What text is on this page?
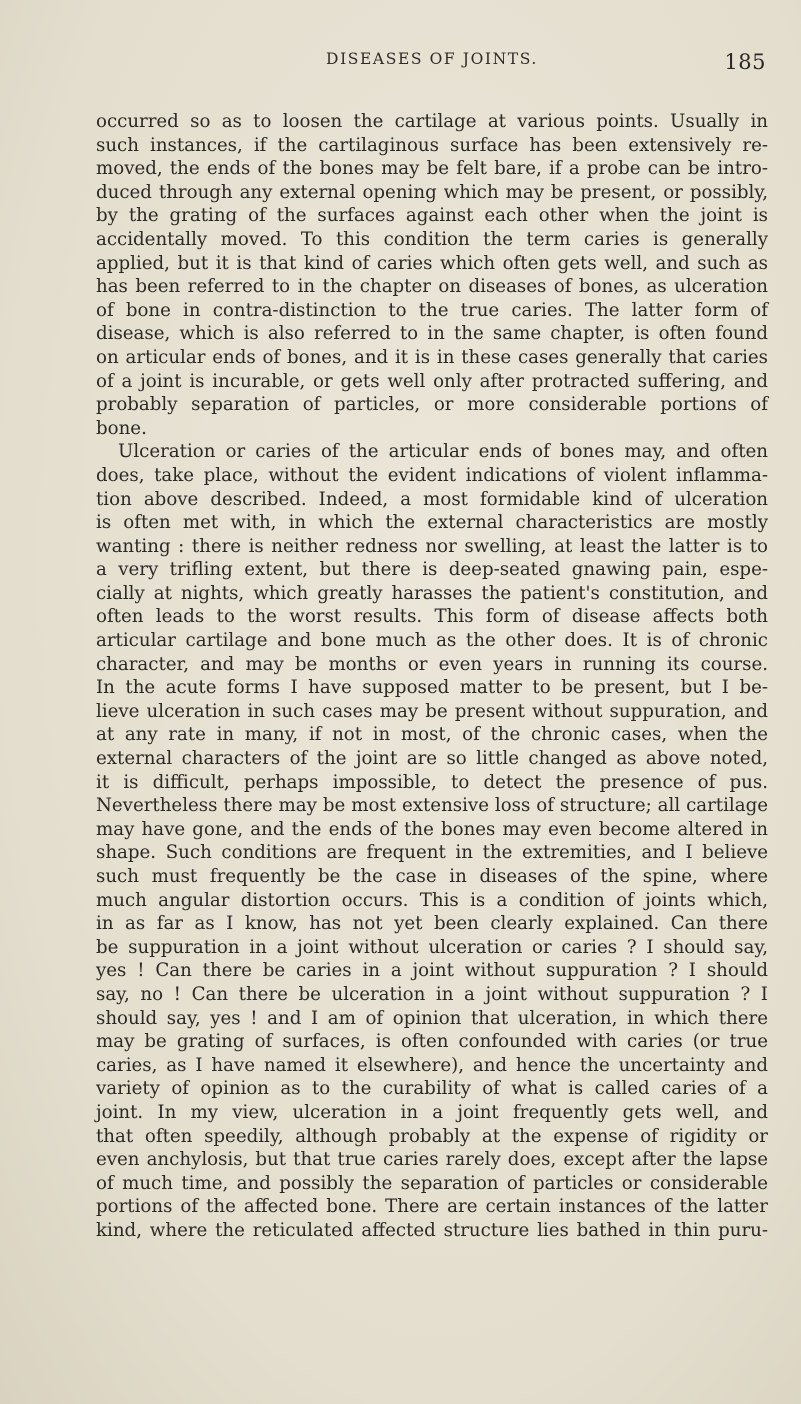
DISEASES OF JOINTS.	185
occurred so as to loosen the cartilage at various points. Usually in
such instances, if the cartilaginous surface has been extensively re-
moved, the ends of the bones may be felt bare, if a probe can be intro-
duced through any external opening which may be present, or possibly,
by the grating of the surfaces against each other when the joint is
accidentally moved. To this condition the term caries is generally
applied, but it is that kind of caries which often gets well, and such as
has been referred to in the chapter on diseases of bones, as ulceration
of bone in contra-distinction to the true caries. The latter form of
disease, which is also referred to in the same chapter, is often found
on articular ends of bones, and it is in these cases generally that caries
of a joint is incurable, or gets well only after protracted suffering, and
probably separation of particles, or more considerable portions of
bone.
Ulceration or caries of the articular ends of bones may, and often
does, take place, without the evident indications of violent inflamma-
tion above described. Indeed, a most formidable kind of ulceration
is often met with, in which the external characteristics are mostly
wanting : there is neither redness nor swelling, at least the latter is to
a very trifling extent, but there is deep-seated gnawing pain, espe-
cially at nights, which greatly harasses the patient's constitution, and
often leads to the worst results. This form of disease affects both
articular cartilage and bone much as the other does. It is of chronic
character, and may be months or even years in running its course.
In the acute forms I have supposed matter to be present, but I be-
lieve ulceration in such cases may be present without suppuration, and
at any rate in many, if not in most, of the chronic cases, when the
external characters of the joint are so little changed as above noted,
it is difficult, perhaps impossible, to detect the presence of pus.
Nevertheless there may be most extensive loss of structure; all cartilage
may have gone, and the ends of the bones may even become altered in
shape. Such conditions are frequent in the extremities, and I believe
such must frequently be the case in diseases of the spine, where
much angular distortion occurs. This is a condition of joints which,
in as far as I know, has not yet been clearly explained. Can there
be suppuration in a joint without ulceration or caries ? I should say,
yes ! Can there be caries in a joint without suppuration ? I should
say, no ! Can there be ulceration in a joint without suppuration ? I
should say, yes ! and I am of opinion that ulceration, in which there
may be grating of surfaces, is often confounded with caries (or true
caries, as I have named it elsewhere), and hence the uncertainty and
variety of opinion as to the curability of what is called caries of a
joint. In my view, ulceration in a joint frequently gets well, and
that often speedily, although probably at the expense of rigidity or
even anchylosis, but that true caries rarely does, except after the lapse
of much time, and possibly the separation of particles or considerable
portions of the affected bone. There are certain instances of the latter
kind, where the reticulated affected structure lies bathed in thin puru-
